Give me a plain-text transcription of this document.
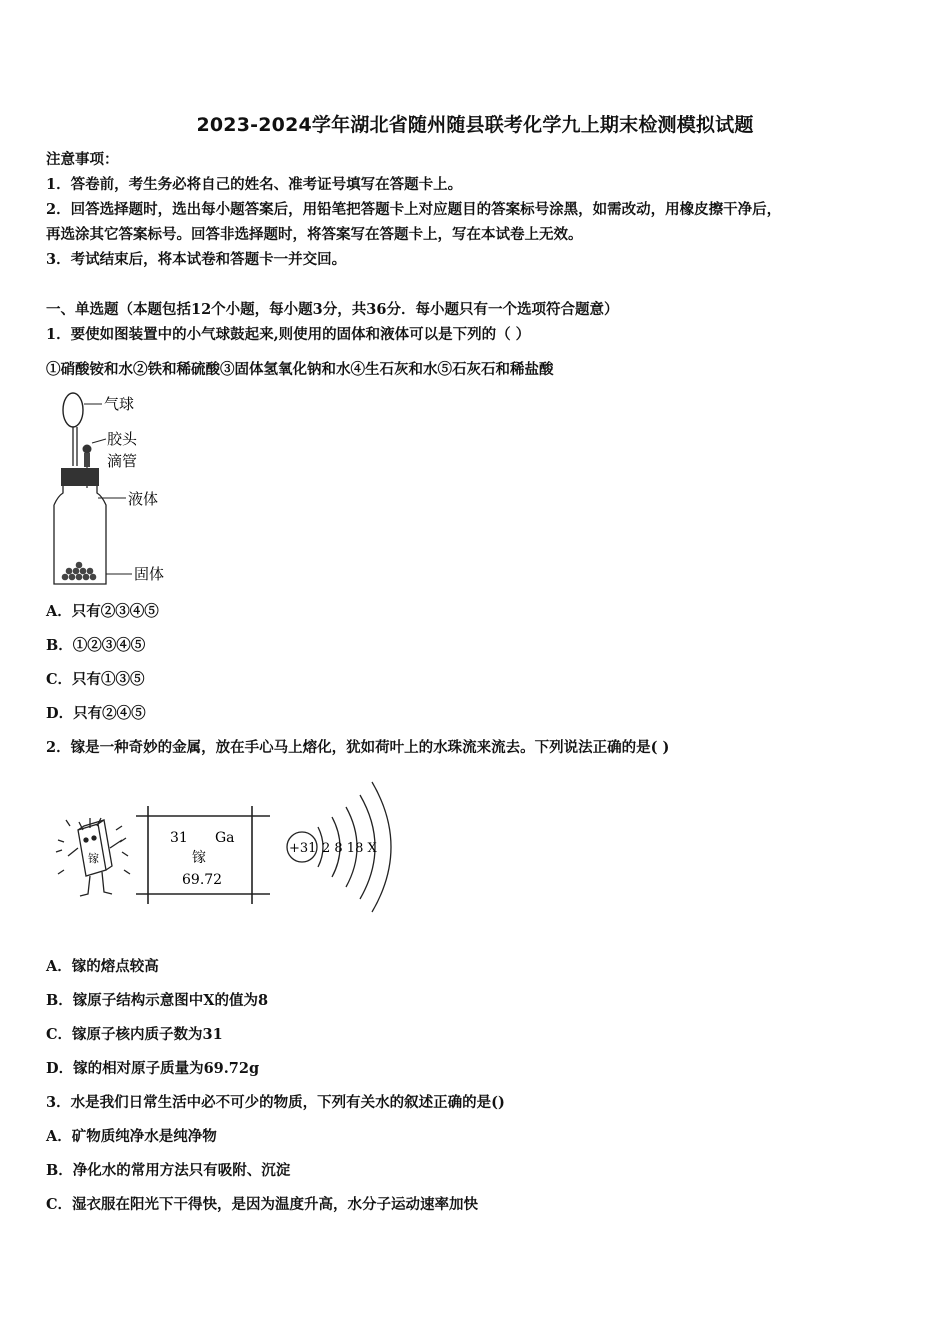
2023-2024学年湖北省随州随县联考化学九上期末检测模拟试题
注意事项：
1．答卷前，考生务必将自己的姓名、准考证号填写在答题卡上。
2．回答选择题时，选出每小题答案后，用铅笔把答题卡上对应题目的答案标号涂黑，如需改动，用橡皮擦干净后，
再选涂其它答案标号。回答非选择题时，将答案写在答题卡上，写在本试卷上无效。
3．考试结束后，将本试卷和答题卡一并交回。
一、单选题（本题包括12个小题，每小题3分，共36分．每小题只有一个选项符合题意）
1．要使如图装置中的小气球鼓起来,则使用的固体和液体可以是下列的（ ）
①硝酸铵和水②铁和稀硫酸③固体氢氧化钠和水④生石灰和水⑤石灰石和稀盐酸
气球
胶头
滴管
液体
固体
A．只有②③④⑤
B．①②③④⑤
C．只有①③⑤
D．只有②④⑤
2．镓是一种奇妙的金属，放在手心马上熔化，犹如荷叶上的水珠流来流去。下列说法正确的是( )
镓
31 Ga
镓
69.72
+31 2 8 18 X
A．镓的熔点较高
B．镓原子结构示意图中X的值为8
C．镓原子核内质子数为31
D．镓的相对原子质量为69.72g
3．水是我们日常生活中必不可少的物质，下列有关水的叙述正确的是()
A．矿物质纯净水是纯净物
B．净化水的常用方法只有吸附、沉淀
C．湿衣服在阳光下干得快，是因为温度升高，水分子运动速率加快
